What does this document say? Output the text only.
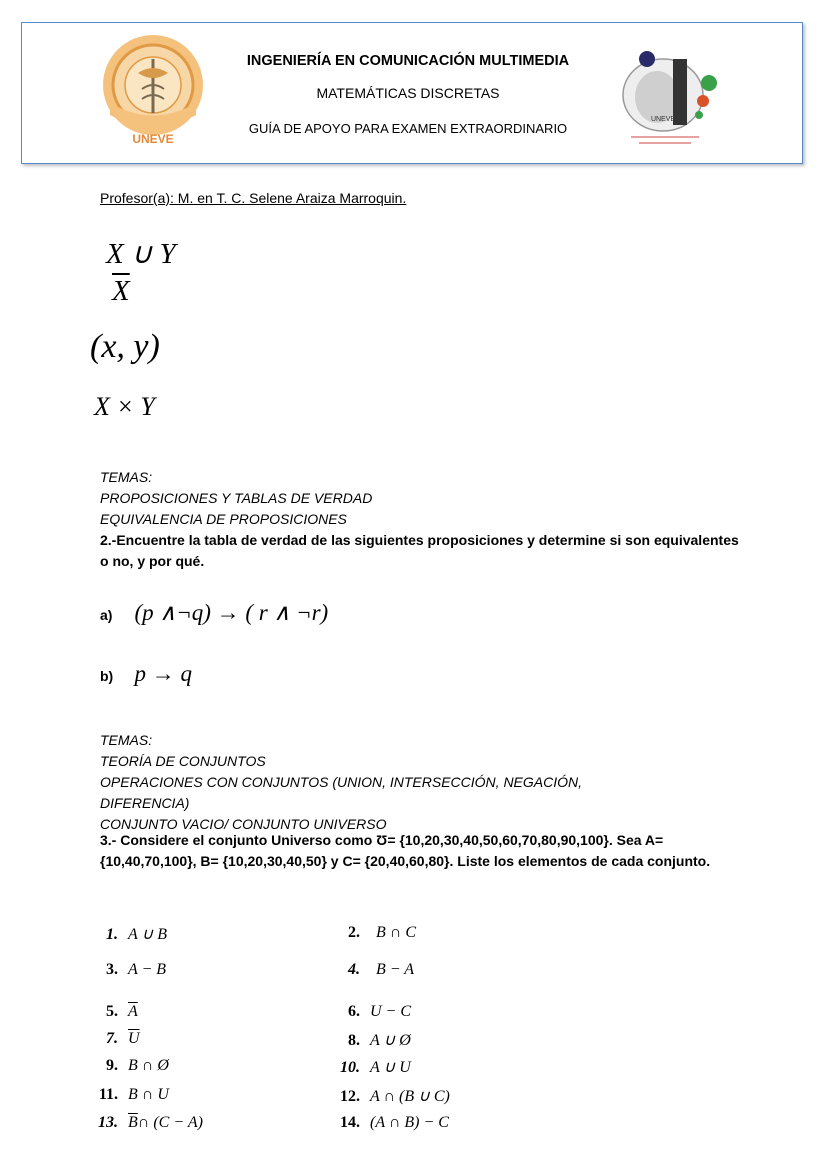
UNEVE
INGENIERÍA EN COMUNICACIÓN MULTIMEDIA
MATEMÁTICAS DISCRETAS
GUÍA DE APOYO PARA EXAMEN EXTRAORDINARIO
UNEVE
Profesor(a): M. en T. C. Selene Araiza Marroquin.
X ∪ Y
$\overline{X}$
(x, y)
X × Y
TEMAS:
PROPOSICIONES Y TABLAS DE VERDAD
EQUIVALENCIA DE PROPOSICIONES
2.-Encuentre la tabla de verdad de las siguientes proposiciones y determine si son equivalentes o no, y por qué.
a) (p ∧¬q) → ( r ∧ ¬r)
b) p → q
TEMAS:
TEORÍA DE CONJUNTOS
OPERACIONES CON CONJUNTOS (UNION, INTERSECCIÓN, NEGACIÓN,
DIFERENCIA)
CONJUNTO VACIO/ CONJUNTO UNIVERSO
3.- Considere el conjunto Universo como Ʊ= {10,20,30,40,50,60,70,80,90,100}. Sea A= {10,40,70,100}, B= {10,20,30,40,50} y C= {20,40,60,80}. Liste los elementos de cada conjunto.
1. A ∪ B
3. A − B
5. $\overline{A}$
7. $\overline{U}$
9. B ∩ Ø
11. B ∩ U
13. $\overline{B}\cap$ (C − A)
2. B ∩ C
4. B − A
6. U − C
8. A ∪ Ø
10. A ∪ U
12. A ∩ (B ∪ C)
14. (A ∩ B) − C
